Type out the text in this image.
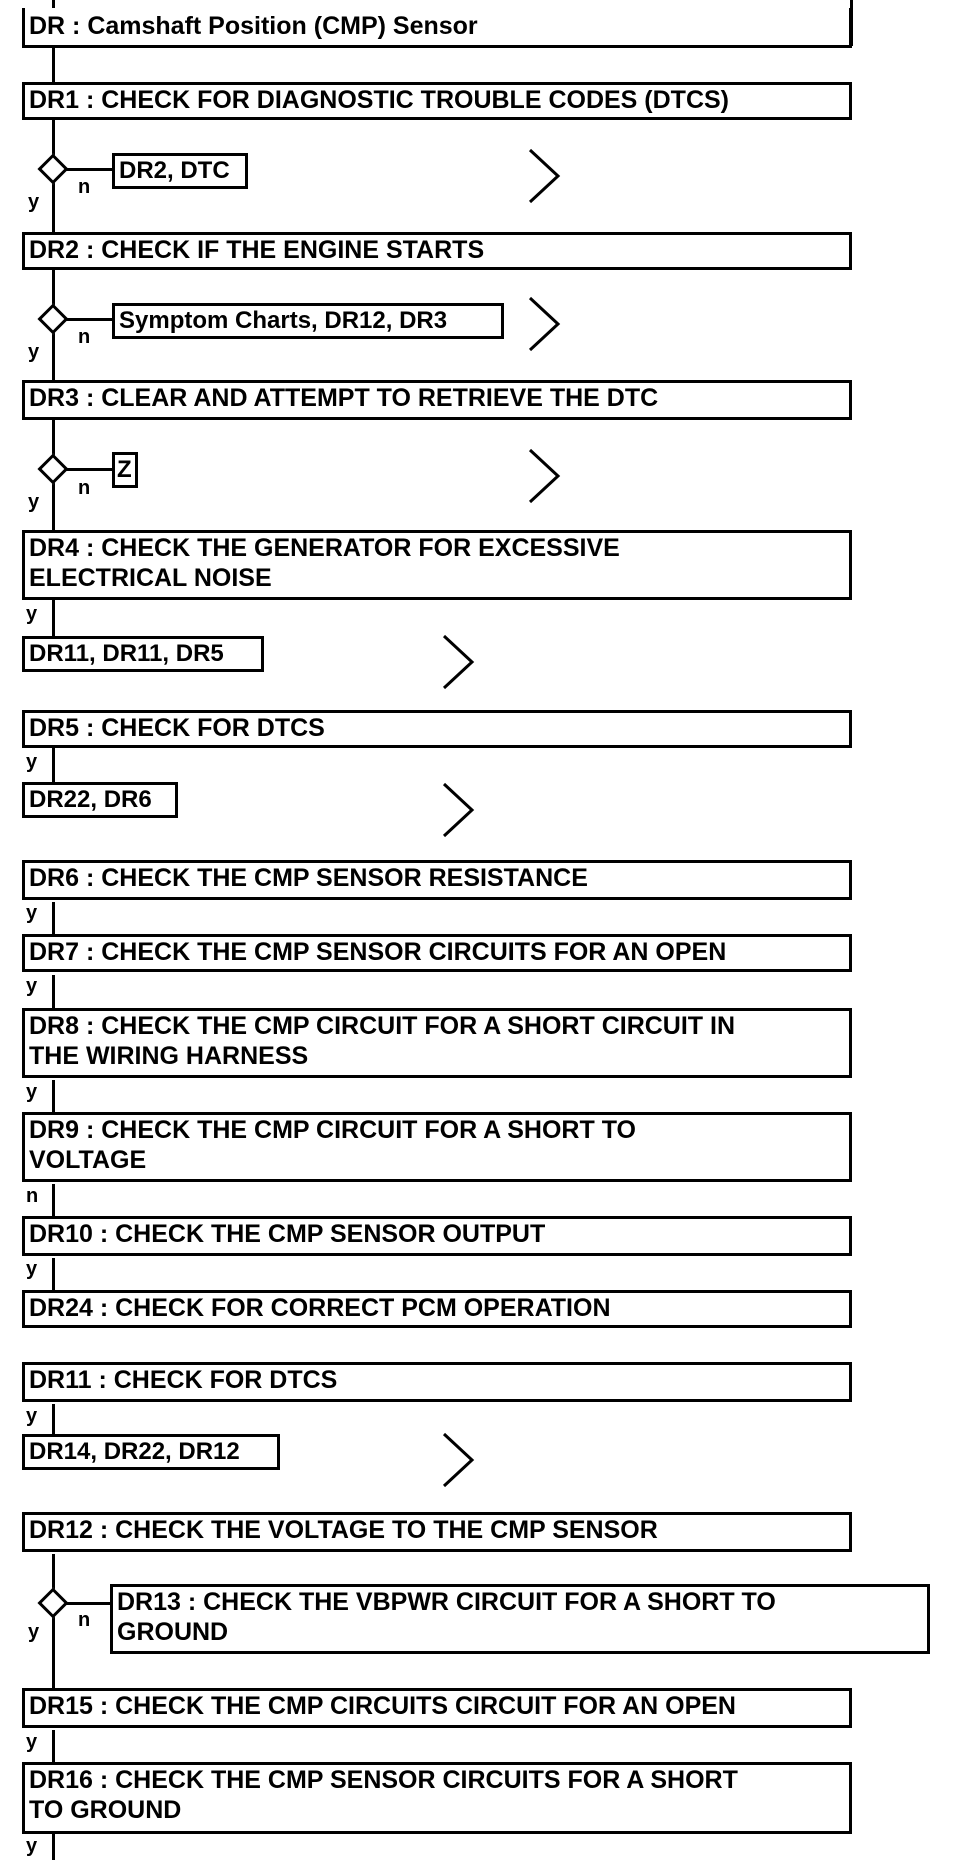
DR : Camshaft Position (CMP) Sensor
DR1 : CHECK FOR DIAGNOSTIC TROUBLE CODES (DTCS)
DR2, DTC
n
y
DR2 : CHECK IF THE ENGINE STARTS
Symptom Charts, DR12, DR3
n
y
DR3 : CLEAR AND ATTEMPT TO RETRIEVE THE DTC
Z
n
y
DR4 : CHECK THE GENERATOR FOR EXCESSIVE
ELECTRICAL NOISE
y
DR11, DR11, DR5
DR5 : CHECK FOR DTCS
y
DR22, DR6
DR6 : CHECK THE CMP SENSOR RESISTANCE
y
DR7 : CHECK THE CMP SENSOR CIRCUITS FOR AN OPEN
y
DR8 : CHECK THE CMP CIRCUIT FOR A SHORT CIRCUIT IN
THE WIRING HARNESS
y
DR9 : CHECK THE CMP CIRCUIT FOR A SHORT TO
VOLTAGE
n
DR10 : CHECK THE CMP SENSOR OUTPUT
y
DR24 : CHECK FOR CORRECT PCM OPERATION
DR11 : CHECK FOR DTCS
y
DR14, DR22, DR12
DR12 : CHECK THE VOLTAGE TO THE CMP SENSOR
DR13 : CHECK THE VBPWR CIRCUIT FOR A SHORT TO
GROUND
n
y
DR15 : CHECK THE CMP CIRCUITS CIRCUIT FOR AN OPEN
y
DR16 : CHECK THE CMP SENSOR CIRCUITS FOR A SHORT
TO GROUND
y
